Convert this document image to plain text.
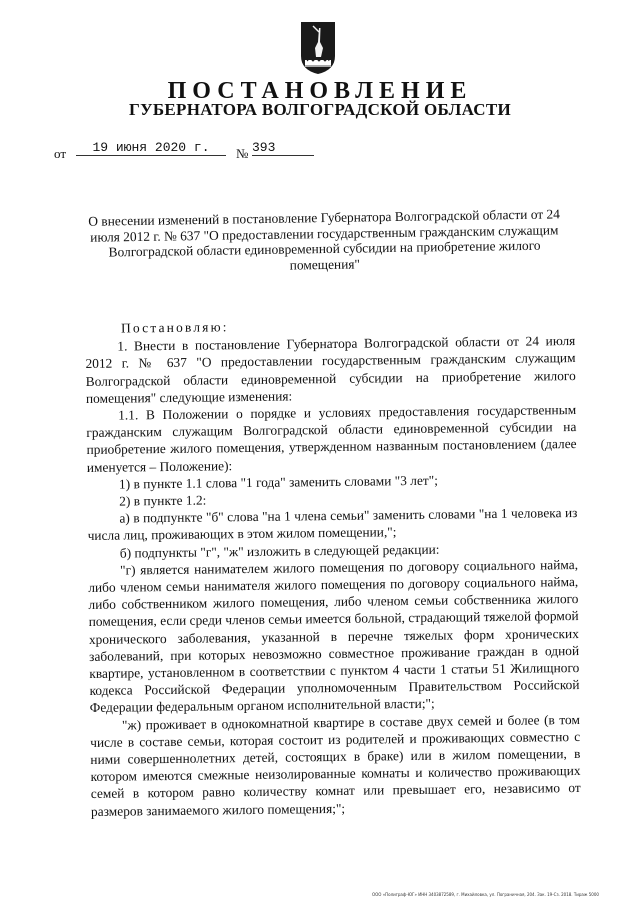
ПОСТАНОВЛЕНИЕ
ГУБЕРНАТОРА ВОЛГОГРАДСКОЙ ОБЛАСТИ
от	19 июня 2020 г.	№ 393
О внесении изменений в постановление Губернатора Волгоградской области от 24 июля 2012 г. № 637 "О предоставлении государственным гражданским служащим Волгоградской области единовременной субсидии на приобретение жилого помещения"

Постановляю:

1. Внести в постановление Губернатора Волгоградской области от 24 июля 2012 г. № 637 "О предоставлении государственным гражданским служащим Волгоградской области единовременной субсидии на приобретение жилого помещения" следующие изменения:

1.1. В Положении о порядке и условиях предоставления государственным гражданским служащим Волгоградской области единовременной субсидии на приобретение жилого помещения, утвержденном названным постановлением (далее именуется – Положение):

1) в пункте 1.1 слова "1 года" заменить словами "3 лет";

2) в пункте 1.2:

а) в подпункте "б" слова "на 1 члена семьи" заменить словами "на 1 человека из числа лиц, проживающих в этом жилом помещении,";

б) подпункты "г", "ж" изложить в следующей редакции:

"г) является нанимателем жилого помещения по договору социального найма, либо членом семьи нанимателя жилого помещения по договору социального найма, либо собственником жилого помещения, либо членом семьи собственника жилого помещения, если среди членов семьи имеется больной, страдающий тяжелой формой хронического заболевания, указанной в перечне тяжелых форм хронических заболеваний, при которых невозможно совместное проживание граждан в одной квартире, установленном в соответствии с пунктом 4 части 1 статьи 51 Жилищного кодекса Российской Федерации уполномоченным Правительством Российской Федерации федеральным органом исполнительной власти;";

"ж) проживает в однокомнатной квартире в составе двух семей и более (в том числе в составе семьи, которая состоит из родителей и проживающих совместно с ними совершеннолетних детей, состоящих в браке) или в жилом помещении, в котором имеются смежные неизолированные комнаты и количество проживающих семей в котором равно количеству комнат или превышает его, независимо от размеров занимаемого жилого помещения;";

ООО «Полиграф-ЮГ» ИНН 3403872589, г. Михайловка, ул. Пограничная, 204. Зак. 19-Сз. 2018. Тираж 5000
